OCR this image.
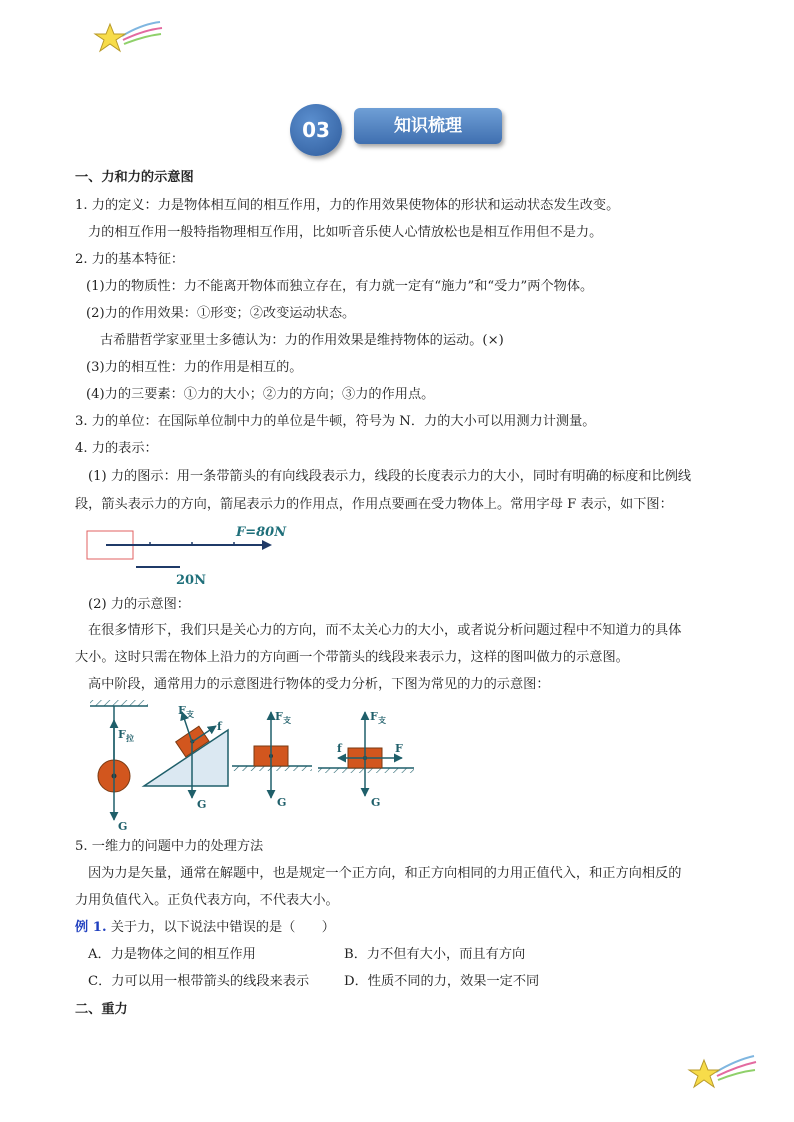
03	知识梳理
一、力和力的示意图
1. 力的定义：力是物体相互间的相互作用，力的作用效果使物体的形状和运动状态发生改变。
力的相互作用一般特指物理相互作用，比如听音乐使人心情放松也是相互作用但不是力。
2. 力的基本特征：
(1)力的物质性：力不能离开物体而独立存在，有力就一定有“施力”和“受力”两个物体。
(2)力的作用效果：①形变；②改变运动状态。
古希腊哲学家亚里士多德认为：力的作用效果是维持物体的运动。(×)
(3)力的相互性：力的作用是相互的。
(4)力的三要素：①力的大小；②力的方向；③力的作用点。
3. 力的单位：在国际单位制中力的单位是牛顿，符号为 N．力的大小可以用测力计测量。
4. 力的表示：
(1) 力的图示：用一条带箭头的有向线段表示力，线段的长度表示力的大小，同时有明确的标度和比例线
段，箭头表示力的方向，箭尾表示力的作用点，作用点要画在受力物体上。常用字母 F 表示，如下图：
F=80N
20N
(2) 力的示意图：
在很多情形下，我们只是关心力的方向，而不太关心力的大小，或者说分析问题过程中不知道力的具体
大小。这时只需在物体上沿力的方向画一个带箭头的线段来表示力，这样的图叫做力的示意图。
高中阶段，通常用力的示意图进行物体的受力分析，下图为常见的力的示意图：
F 拉
G
F 支
f
G
F 支
G
F 支
F
f
G
5. 一维力的问题中力的处理方法
因为力是矢量，通常在解题中，也是规定一个正方向，和正方向相同的力用正值代入，和正方向相反的
力用负值代入。正负代表方向，不代表大小。
例 1. 关于力，以下说法中错误的是（　　）
A．力是物体之间的相互作用	B．力不但有大小，而且有方向
C．力可以用一根带箭头的线段来表示	D．性质不同的力，效果一定不同
二、重力
